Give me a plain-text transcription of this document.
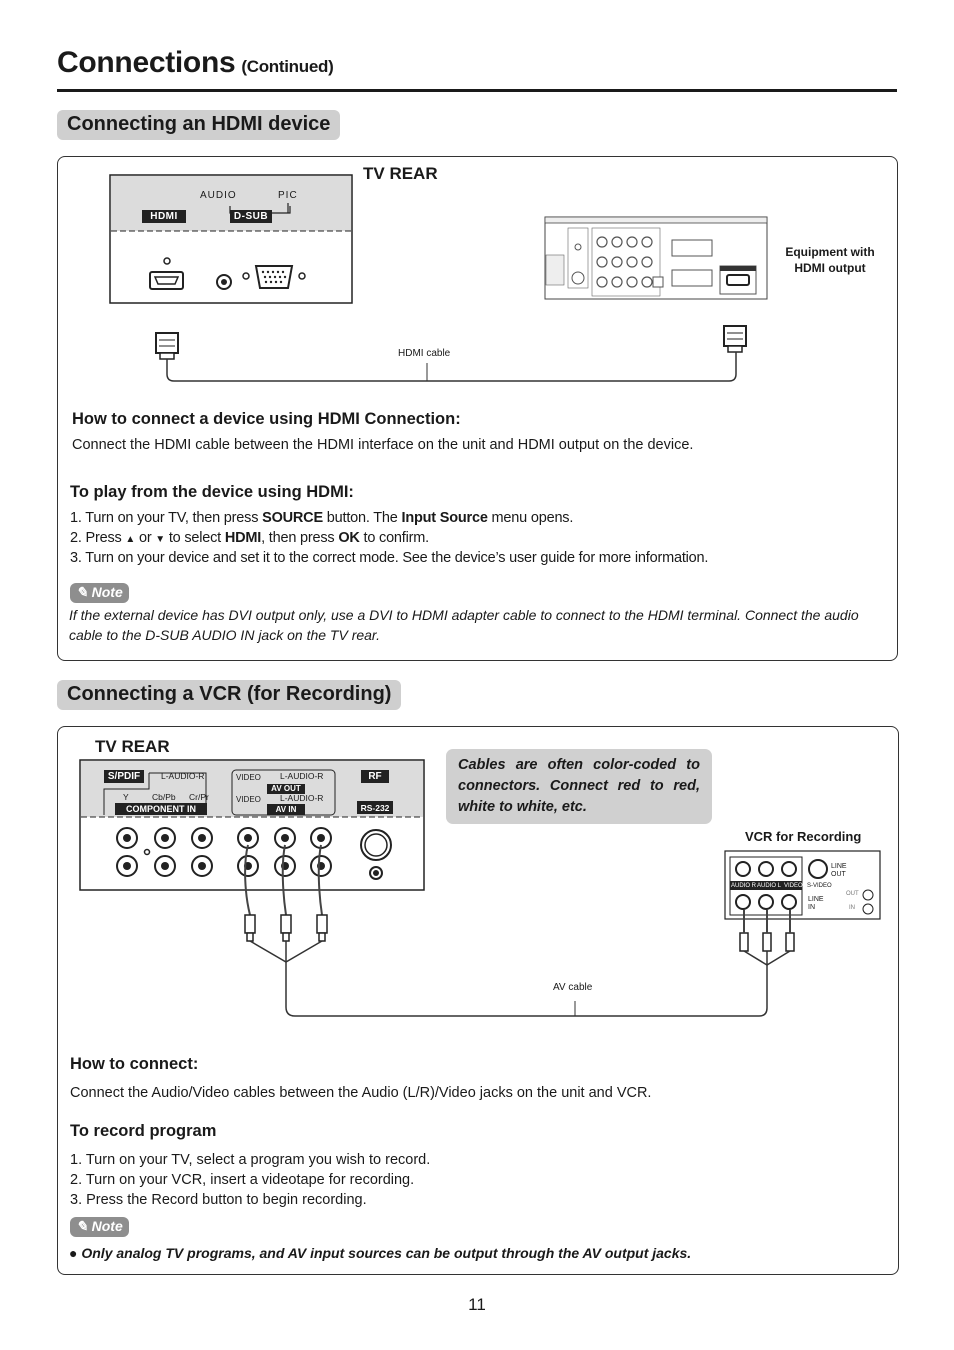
Connections (Continued)
Connecting an HDMI device
TV REAR
AUDIO	PIC
HDMI	D-SUB
Equipment with
HDMI output
HDMI cable
How to connect a device using HDMI Connection:
Connect the HDMI cable between the HDMI interface on the unit and HDMI output on the device.
To play from the device using HDMI:
1. Turn on your TV, then press SOURCE button. The Input Source menu opens.
2. Press ▲ or ▼ to select HDMI, then press OK to confirm.
3. Turn on your device and set it to the correct mode. See the device’s user guide for more information.
✎ Note
If the external device has DVI output only, use a DVI to HDMI adapter cable to connect to the HDMI terminal. Connect the audio cable to the D-SUB AUDIO IN jack on the TV rear.
Connecting a VCR (for Recording)
TV REAR
S/PDIF	L-AUDIO-R
Y	Cb/Pb Cr/Pr
COMPONENT IN
VIDEO L-AUDIO-R
AV OUT
VIDEO L-AUDIO-R
AV IN
RF
RS-232
Cables are often color-coded to connectors. Connect red to red, white to white, etc.
VCR for Recording
LINE OUT
S-VIDEO
AUDIO R AUDIO L VIDEO
LINE IN
OUT
IN
AV cable
How to connect:
Connect the Audio/Video cables between the Audio (L/R)/Video jacks on the unit and VCR.
To record program
1. Turn on your TV, select a program you wish to record.
2. Turn on your VCR, insert a videotape for recording.
3. Press the Record button to begin recording.
✎ Note
● Only analog TV programs, and AV input sources can be output through the AV output jacks.
11
